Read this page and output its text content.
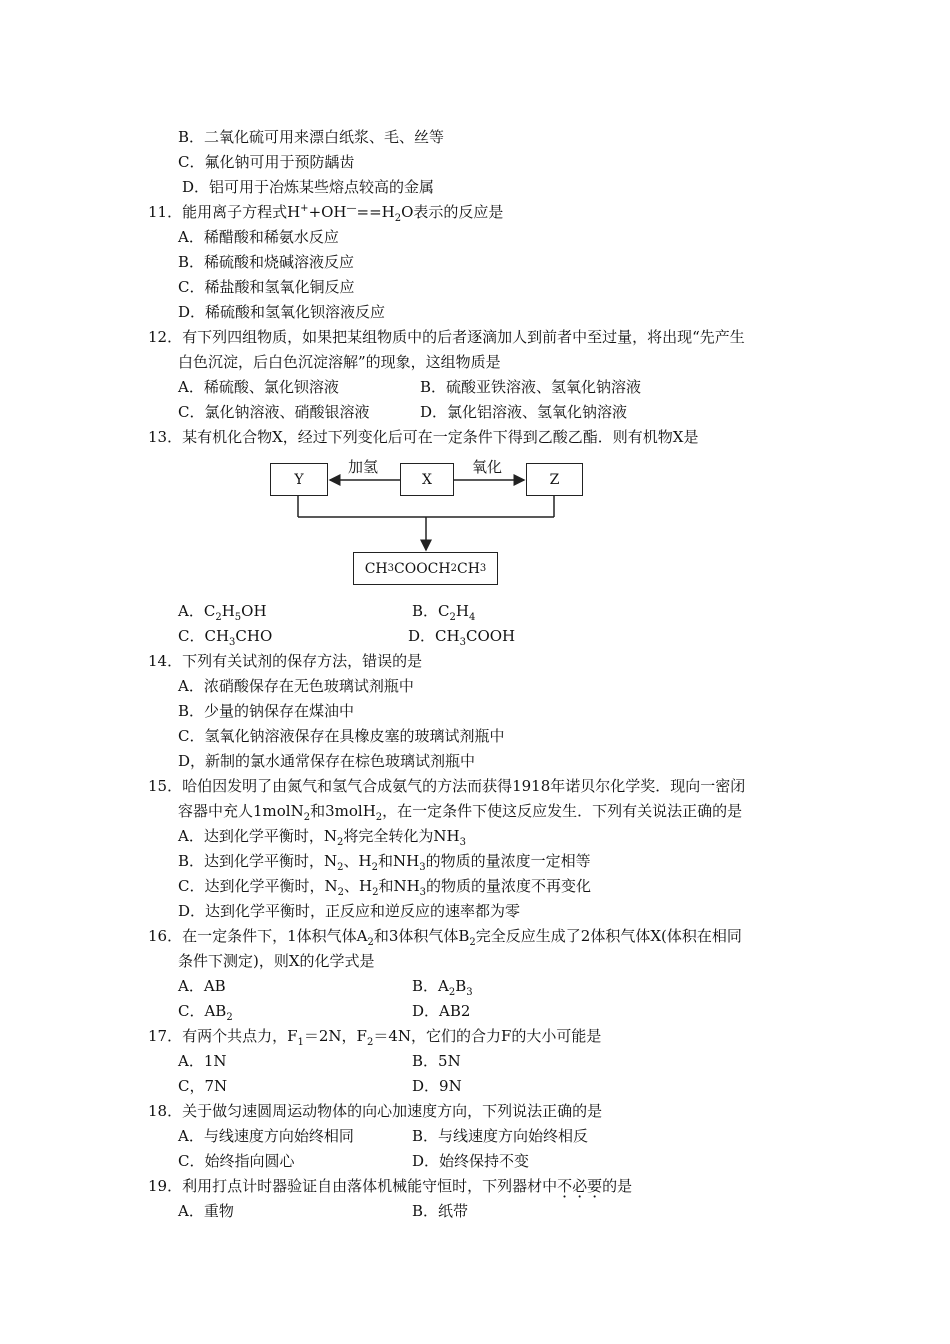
B．二氧化硫可用来漂白纸浆、毛、丝等
C．氟化钠可用于预防龋齿
D．铝可用于冶炼某些熔点较高的金属
11．能用离子方程式$H^++OH^—==H_2O$表示的反应是
A．稀醋酸和稀氨水反应
B．稀硫酸和烧碱溶液反应
C．稀盐酸和氢氧化铜反应
D．稀硫酸和氢氧化钡溶液反应
12．有下列四组物质，如果把某组物质中的后者逐滴加人到前者中至过量，将出现“先产生
白色沉淀，后白色沉淀溶解”的现象，这组物质是
A．稀硫酸、氯化钡溶液	B．硫酸亚铁溶液、氢氧化钠溶液
C．氯化钠溶液、硝酸银溶液	D．氯化铝溶液、氢氧化钠溶液
13．某有机化合物X，经过下列变化后可在一定条件下得到乙酸乙酯．则有机物X是
Y	X	Z
加氢	氧化
CH 3 COOCH 2 CH 3
A．$C_2H_5OH$	B．$C_2H_4$
C．$CH_3CHO$	D．$CH_3COOH$
14．下列有关试剂的保存方法，错误的是
A．浓硝酸保存在无色玻璃试剂瓶中
B．少量的钠保存在煤油中
C．氢氧化钠溶液保存在具橡皮塞的玻璃试剂瓶中
D，新制的氯水通常保存在棕色玻璃试剂瓶中
15．哈伯因发明了由氮气和氢气合成氨气的方法而获得1918年诺贝尔化学奖．现向一密闭
容器中充人1molN$_2$和3molH$_2$，在一定条件下使这反应发生．下列有关说法正确的是
A．达到化学平衡时，$N_2$将完全转化为$NH_3$
B．达到化学平衡时，$N_2$、$H_2$和$NH_3$的物质的量浓度一定相等
C．达到化学平衡时，$N_2$、$H_2$和$NH_3$的物质的量浓度不再变化
D．达到化学平衡时，正反应和逆反应的速率都为零
16．在一定条件下，1体积气体$A_2$和3体积气体$B_2$完全反应生成了2体积气体X(体积在相同
条件下测定)，则X的化学式是
A．AB	B．$A_2B_3$
C．$AB_2$	D．AB2
17．有两个共点力，$F_1=2N$，$F_2=4N$，它们的合力F的大小可能是
A．1N	B．5N
C，7N	D．9N
18．关于做匀速圆周运动物体的向心加速度方向，下列说法正确的是
A．与线速度方向始终相同	B．与线速度方向始终相反
C．始终指向圆心	D．始终保持不变
19．利用打点计时器验证自由落体机械能守恒时，下列器材中不必要的是
A．重物	B．纸带
